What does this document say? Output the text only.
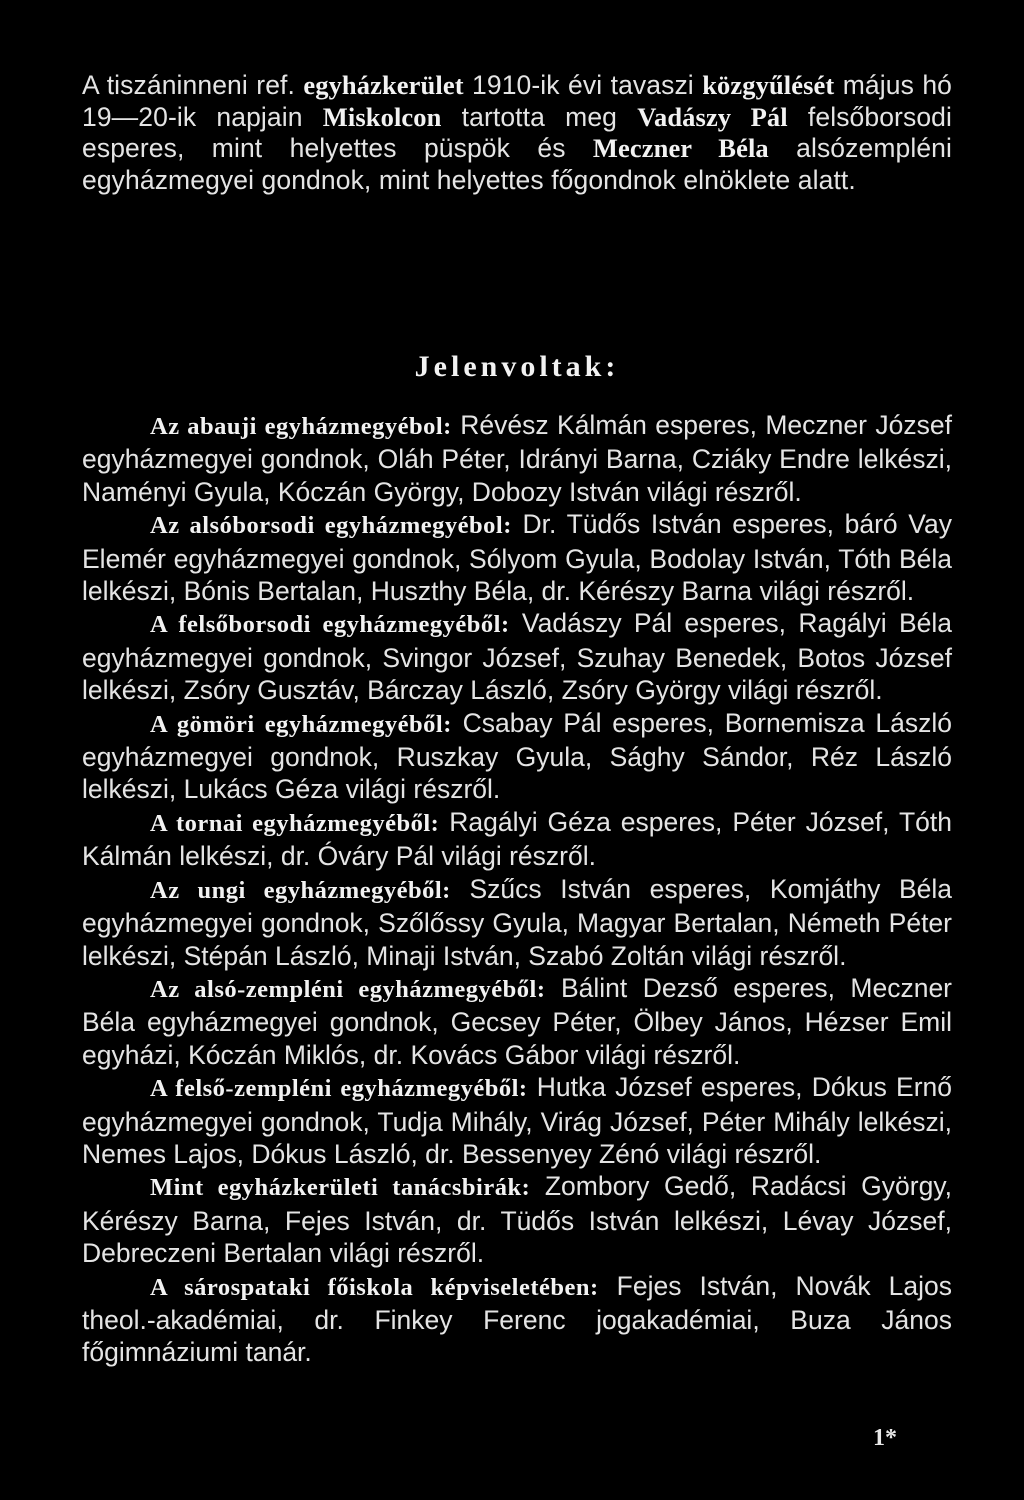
A tiszáninneni ref. egyházkerület 1910-ik évi tavaszi közgyűlését május hó 19—20-ik napjain Miskolcon tartotta meg Vadászy Pál felsőborsodi esperes, mint helyettes püspök és Meczner Béla alsózempléni egyházmegyei gondnok, mint helyettes főgondnok elnöklete alatt.

Jelenvoltak:

Az abauji egyházmegyébol: Révész Kálmán esperes, Meczner József egyházmegyei gondnok, Oláh Péter, Idrányi Barna, Cziáky Endre lelkészi, Naményi Gyula, Kóczán György, Dobozy István világi részről.

Az alsóborsodi egyházmegyébol: Dr. Tüdős István esperes, báró Vay Elemér egyházmegyei gondnok, Sólyom Gyula, Bodolay István, Tóth Béla lelkészi, Bónis Bertalan, Huszthy Béla, dr. Kérészy Barna világi részről.

A felsőborsodi egyházmegyéből: Vadászy Pál esperes, Ragályi Béla egyházmegyei gondnok, Svingor József, Szuhay Benedek, Botos József lelkészi, Zsóry Gusztáv, Bárczay László, Zsóry György világi részről.

A gömöri egyházmegyéből: Csabay Pál esperes, Bornemisza László egyházmegyei gondnok, Ruszkay Gyula, Sághy Sándor, Réz László lelkészi, Lukács Géza világi részről.

A tornai egyházmegyéből: Ragályi Géza esperes, Péter József, Tóth Kálmán lelkészi, dr. Óváry Pál világi részről.

Az ungi egyházmegyéből: Szűcs István esperes, Komjáthy Béla egyházmegyei gondnok, Szőlőssy Gyula, Magyar Bertalan, Németh Péter lelkészi, Stépán László, Minaji István, Szabó Zoltán világi részről.

Az alsó-zempléni egyházmegyéből: Bálint Dezső esperes, Meczner Béla egyházmegyei gondnok, Gecsey Péter, Ölbey János, Hézser Emil egyházi, Kóczán Miklós, dr. Kovács Gábor világi részről.

A felső-zempléni egyházmegyéből: Hutka József esperes, Dókus Ernő egyházmegyei gondnok, Tudja Mihály, Virág József, Péter Mihály lelkészi, Nemes Lajos, Dókus László, dr. Bessenyey Zénó világi részről.

Mint egyházkerületi tanácsbirák: Zombory Gedő, Radácsi György, Kérészy Barna, Fejes István, dr. Tüdős István lelkészi, Lévay József, Debreczeni Bertalan világi részről.

A sárospataki főiskola képviseletében: Fejes István, Novák Lajos theol.-akadémiai, dr. Finkey Ferenc jogakadémiai, Buza János főgimnáziumi tanár.

1*
